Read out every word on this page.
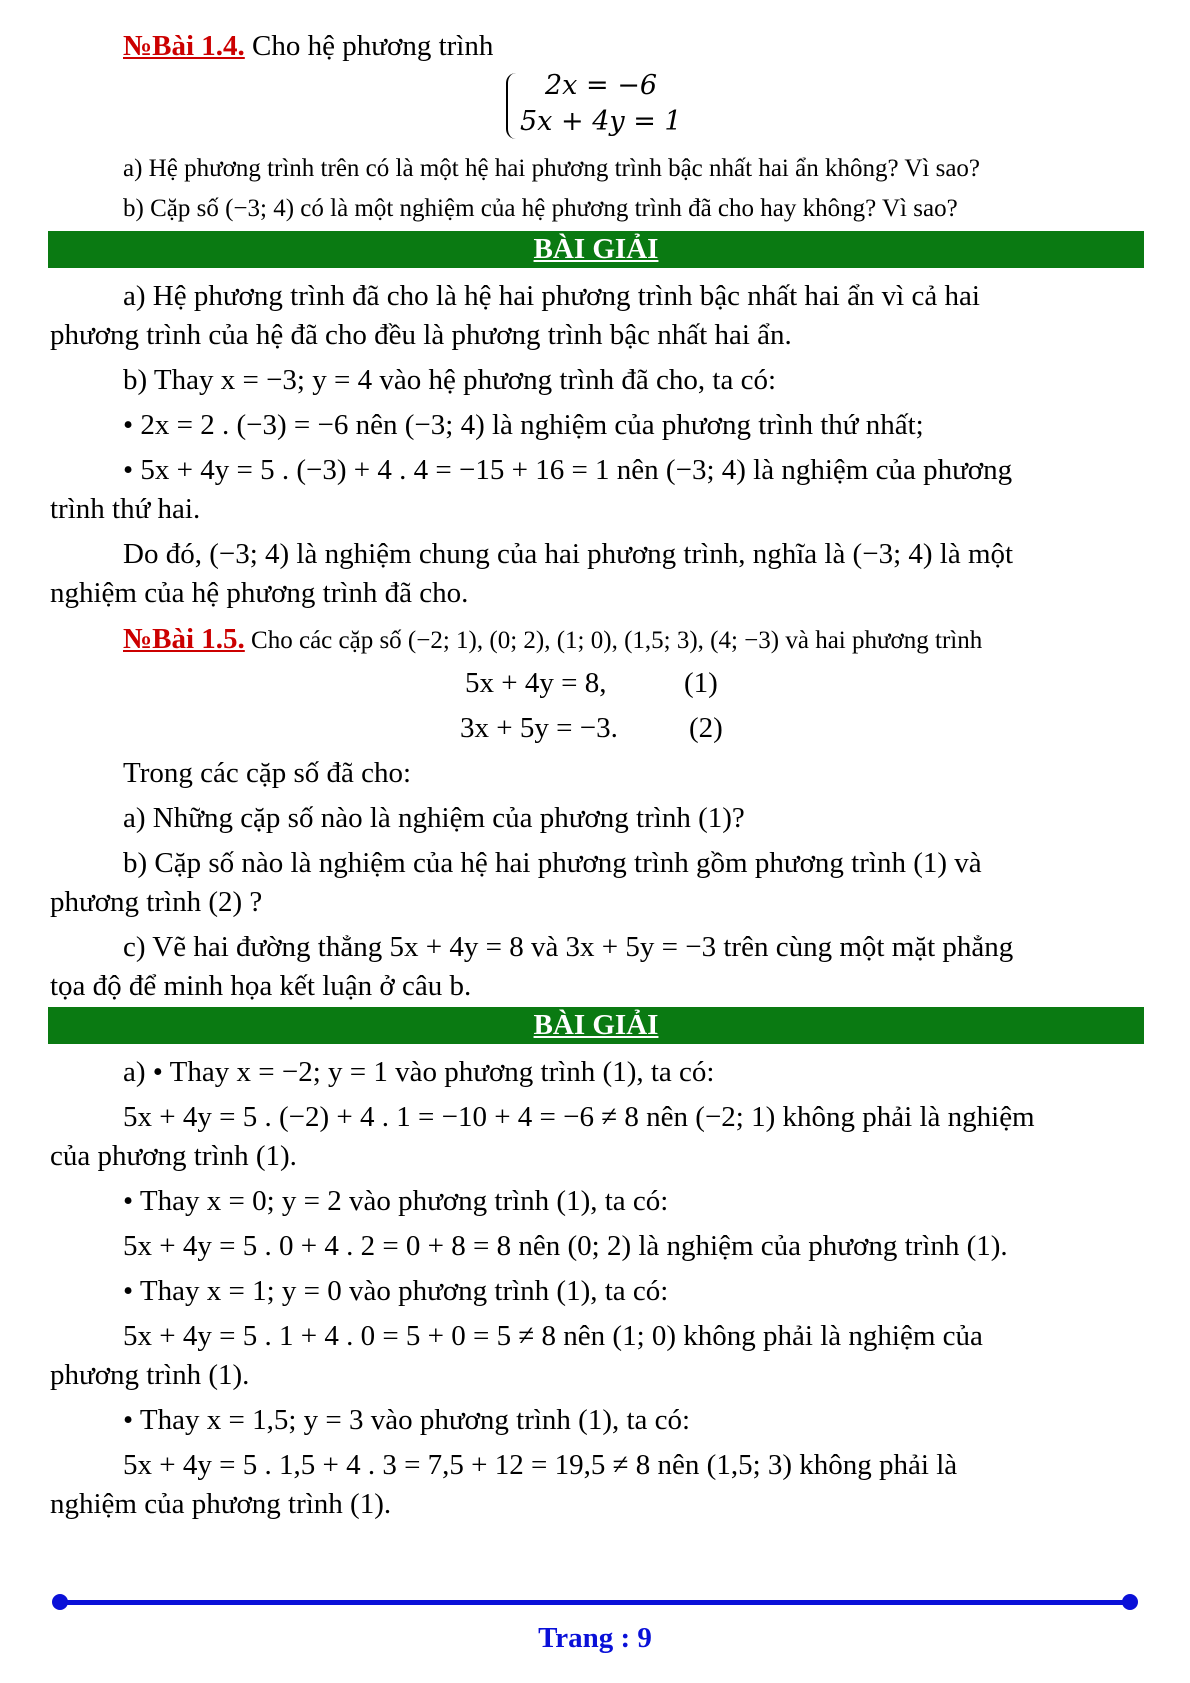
№Bài 1.4. Cho hệ phương trình
2x = −6
5x + 4y = 1
a) Hệ phương trình trên có là một hệ hai phương trình bậc nhất hai ẩn không? Vì sao?
b) Cặp số (−3; 4) có là một nghiệm của hệ phương trình đã cho hay không? Vì sao?
BÀI GIẢI
a) Hệ phương trình đã cho là hệ hai phương trình bậc nhất hai ẩn vì cả hai
phương trình của hệ đã cho đều là phương trình bậc nhất hai ẩn.
b) Thay x = −3; y = 4 vào hệ phương trình đã cho, ta có:
• 2x = 2 . (−3) = −6 nên (−3; 4) là nghiệm của phương trình thứ nhất;
• 5x + 4y = 5 . (−3) + 4 . 4 = −15 + 16 = 1 nên (−3; 4) là nghiệm của phương
trình thứ hai.
Do đó, (−3; 4) là nghiệm chung của hai phương trình, nghĩa là (−3; 4) là một
nghiệm của hệ phương trình đã cho.
№Bài 1.5. Cho các cặp số (−2; 1), (0; 2), (1; 0), (1,5; 3), (4; −3) và hai phương trình
5x + 4y = 8,	(1)
3x + 5y = −3. (2)
Trong các cặp số đã cho:
a) Những cặp số nào là nghiệm của phương trình (1)?
b) Cặp số nào là nghiệm của hệ hai phương trình gồm phương trình (1) và
phương trình (2) ?
c) Vẽ hai đường thẳng 5x + 4y = 8 và 3x + 5y = −3 trên cùng một mặt phẳng
tọa độ để minh họa kết luận ở câu b.
BÀI GIẢI
a) • Thay x = −2; y = 1 vào phương trình (1), ta có:
5x + 4y = 5 . (−2) + 4 . 1 = −10 + 4 = −6 ≠ 8 nên (−2; 1) không phải là nghiệm
của phương trình (1).
• Thay x = 0; y = 2 vào phương trình (1), ta có:
5x + 4y = 5 . 0 + 4 . 2 = 0 + 8 = 8 nên (0; 2) là nghiệm của phương trình (1).
• Thay x = 1; y = 0 vào phương trình (1), ta có:
5x + 4y = 5 . 1 + 4 . 0 = 5 + 0 = 5 ≠ 8 nên (1; 0) không phải là nghiệm của
phương trình (1).
• Thay x = 1,5; y = 3 vào phương trình (1), ta có:
5x + 4y = 5 . 1,5 + 4 . 3 = 7,5 + 12 = 19,5 ≠ 8 nên (1,5; 3) không phải là
nghiệm của phương trình (1).
Trang : 9
